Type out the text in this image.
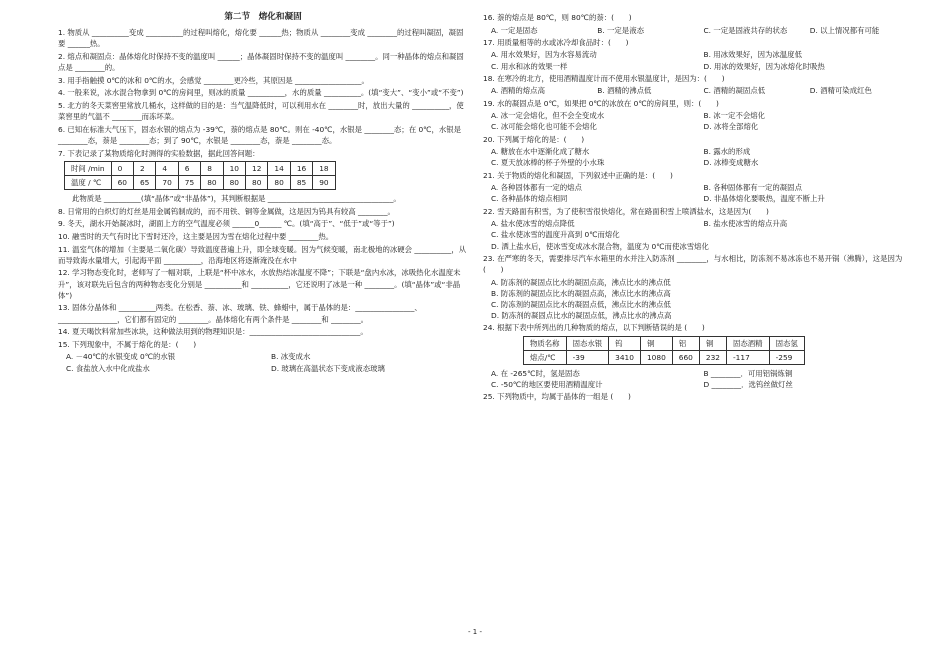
第二节　熔化和凝固

1. 物质从 __________变成 __________的过程叫熔化，熔化要 ______热；物质从 ________变成 ________的过程叫凝固，凝固要 ______热。

2. 熔点和凝固点：晶体熔化时保持不变的温度叫 ______；晶体凝固时保持不变的温度叫 ________。同一种晶体的熔点和凝固点是 ________的。

3. 用手指触摸 0℃的冰和 0℃的水，会感觉 ________更冷些，其原因是 __________________。

4. 一般来说，冰水混合物拿到 0℃的房间里，则冰的质量 __________，水的质量 __________。(填“变大”、“变小”或“不变”)

5. 北方的冬天菜窖里常放几桶水，这样做的目的是：当气温降低时，可以利用水在 ________时，放出大量的 __________，使菜窖里的气温不 ________而冻坏菜。

6. 已知在标准大气压下，固态水银的熔点为 -39℃，萘的熔点是 80℃。则在 -40℃，水银是 ________态；在 0℃，水银是 ________态，萘是 ________态；到了 90℃，水银是 ________态，萘是 ________态。

7. 下表记录了某物质熔化时测得的实验数据，据此回答问题：

时间 /min	0	2	4	6	8	10	12	14	16	18
温度 / ℃	60	65	70	75	80	80	80	80	85	90

此物质是 __________(填“晶体”或“非晶体”)，其判断根据是 __________________________________。

8. 日常用的白炽灯的灯丝是用金属钨制成的，而不用铁、铜等金属做，这是因为钨具有较高 ________。

9. 冬天，湖水开始凝冰时，湖面上方的空气温度必须 ______0______ ℃。(填“高于”、“低于”或“等于”)

10. 融雪时的天气有时比下雪时还冷，这主要是因为雪在熔化过程中要 ________热。

11. 温室气体的增加（主要是二氧化碳）导致温度普遍上升，即全球变暖。因为气候变暖，南北极地的冰硬会 __________，从而导致海水量增大，引起海平面 __________，沿海地区将逐渐淹没在水中

12. 学习物态变化时，老师写了一幅对联，上联是“杯中冰水，水放热结冰温度不降”；下联是“盘内水冰，冰吸热化水温度未升”，该对联先后包含的两种物态变化分别是 __________和 __________，它还说明了冰是一种 ________。(填“晶体”或“非晶体”)

13. 固体分晶体和 __________两类。在松香、萘、冰、玻璃、铁、蜂蜡中，属于晶体的是：________________、________________，它们都有固定的 ________。晶体熔化有两个条件是 ________和 ________。

14. 夏天喝饮料常加些冰块，这种做法用到的物理知识是：______________________________。

15. 下列现象中，不属于熔化的是：(　　)

A. －40℃的水银变成 0℃的水银	B. 冰变成水
C. 食盐放入水中化成盐水	D. 玻璃在高温状态下变成液态玻璃

16. 萘的熔点是 80℃，则 80℃的萘：(　　)

A. 一定是固态	B. 一定是液态	C. 一定是固液共存的状态	D. 以上情况都有可能

17. 用质量相等的水或冰冷却食品时：(　　)

A. 用水效果好，因为水容易流动	B. 用冰效果好，因为冰温度低
C. 用水和冰的效果一样	D. 用冰的效果好，因为冰熔化时吸热

18. 在寒冷的北方，使用酒精温度计而不使用水银温度计，是因为：(　　)

A. 酒精的熔点高	B. 酒精的沸点低	C. 酒精的凝固点低	D. 酒精可染成红色

19. 水的凝固点是 0℃，如果把 0℃的冰放在 0℃的房间里，则：(　　)

A. 冰一定会熔化，但不会全变成水	B. 冰一定不会熔化
C. 冰可能会熔化也可能不会熔化	D. 冰将全部熔化

20. 下列属于熔化的是：(　　)

A. 糖放在水中逐渐化成了糖水	B. 露水的形成
C. 夏天放冰棒的杯子外壁的小水珠	D. 冰棒变成糖水

21. 关于物质的熔化和凝固，下列叙述中正确的是：(　　)

A. 各种固体都有一定的熔点	B. 各种固体都有一定的凝固点
C. 各种晶体的熔点相同	D. 非晶体熔化要吸热，温度不断上升

22. 雪天路面有积雪，为了使积雪很快熔化，常在路面积雪上喷洒盐水，这是因为(　　)

A. 盐水使冰雪的熔点降低	B. 盐水使冰雪的熔点升高
C. 盐水使冰雪的温度升高到 0℃而熔化
D. 洒上盐水后，使冰雪变成冰水混合物，温度为 0℃而使冰雪熔化

23. 在严寒的冬天，需要排尽汽车水箱里的水并注入防冻剂 ________，与水相比，防冻剂不易冰冻也不易开锅（沸腾），这是因为 (　　)

A. 防冻剂的凝固点比水的凝固点高，沸点比水的沸点低
B. 防冻剂的凝固点比水的凝固点高，沸点比水的沸点高
C. 防冻剂的凝固点比水的凝固点低，沸点比水的沸点低
D. 防冻剂的凝固点比水的凝固点低，沸点比水的沸点高

24. 根据下表中所列出的几种物质的熔点，以下判断错误的是 (　　)

物质名称	固态水银	钨	铜	铝	铜	固态酒精	固态氢
熔点/℃	-39	3410	1080	660	232	-117	-259
A. 在 -265℃时，氢是固态	B ________．可用铝锅炼铜
C. -50℃的地区要使用酒精温度计	D ________．选钨丝做灯丝

25. 下列物质中，均属于晶体的一组是 (　　)

- 1 -
